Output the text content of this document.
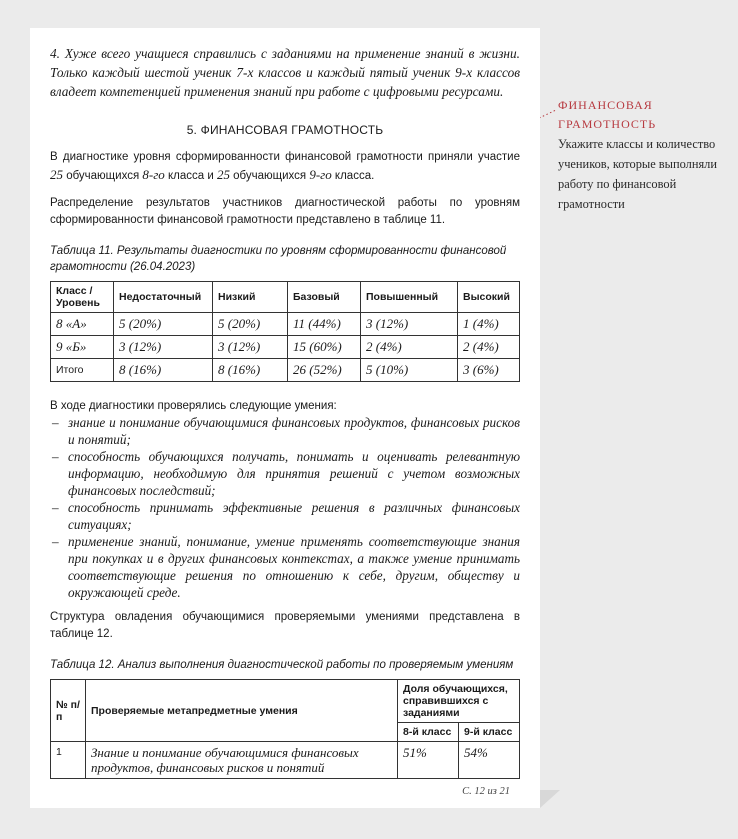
4. Хуже всего учащиеся справились с заданиями на применение знаний в жизни. Только каждый шестой ученик 7-х классов и каждый пятый ученик 9-х классов владеет компетенцией применения знаний при работе с цифровыми ресурсами.

5. ФИНАНСОВАЯ ГРАМОТНОСТЬ

В диагностике уровня сформированности финансовой грамотности приняли участие 25 обучающихся 8-го класса и 25 обучающихся 9-го класса.

Распределение результатов участников диагностической работы по уровням сформированности финансовой грамотности представлено в таблице 11.

Таблица 11. Результаты диагностики по уровням сформированности финансовой грамотности (26.04.2023)
Класс / Уровень	Недостаточный	Низкий	Базовый	Повышенный	Высокий
8 «А»	5 (20%)	5 (20%)	11 (44%)	3 (12%)	1 (4%)
9 «Б»	3 (12%)	3 (12%)	15 (60%)	2 (4%)	2 (4%)
Итого	8 (16%)	8 (16%)	26 (52%)	5 (10%)	3 (6%)
В ходе диагностики проверялись следующие умения:
– знание и понимание обучающимися финансовых продуктов, финансовых рисков и понятий;
– способность обучающихся получать, понимать и оценивать релевантную информацию, необходимую для принятия решений с учетом возможных финансовых последствий;
– способность принимать эффективные решения в различных финансовых ситуациях;
– применение знаний, понимание, умение применять соответствующие знания при покупках и в других финансовых контекстах, а также умение принимать соответствующие решения по отношению к себе, другим, обществу и окружающей среде.

Структура овладения обучающимися проверяемыми умениями представлена в таблице 12.

Таблица 12. Анализ выполнения диагностической работы по проверяемым умениям
№ п/п	Проверяемые метапредметные умения	Доля обучающихся, справившихся с заданиями	
		8-й класс	9-й класс
1	Знание и понимание обучающимися финансовых продуктов, финансовых рисков и понятий	51%	54%
С. 12 из 21
ФИНАНСОВАЯ ГРАМОТНОСТЬ
Укажите классы и количество учеников, которые выполняли работу по финансовой грамотности
